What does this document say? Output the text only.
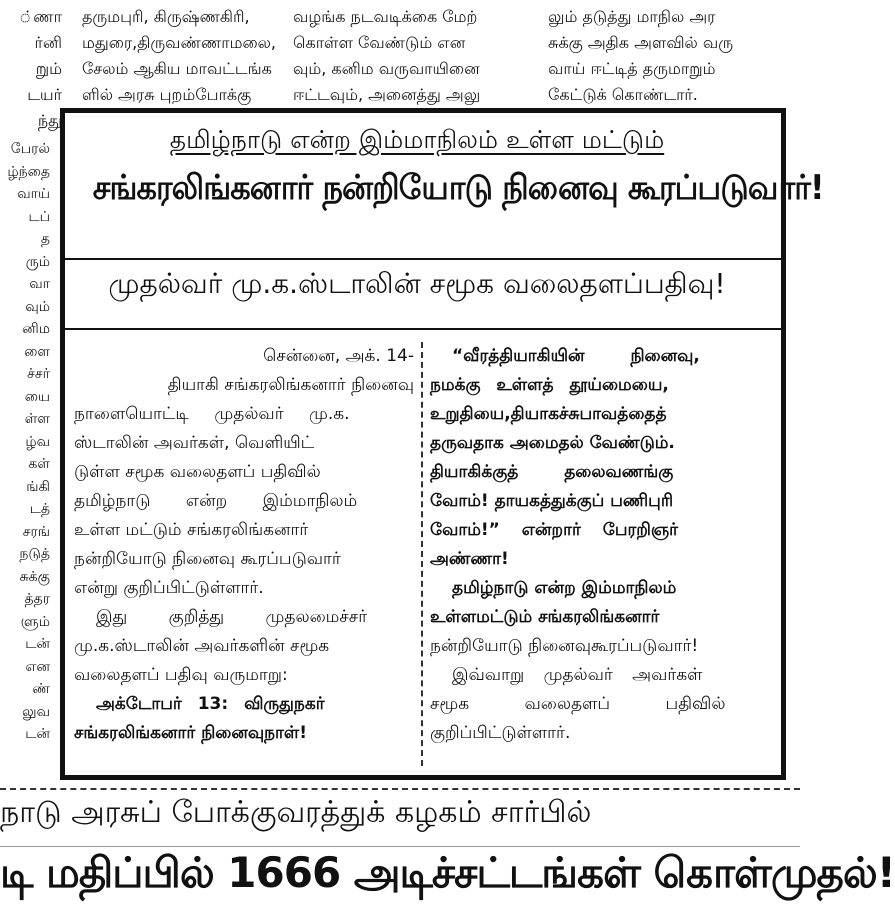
்ணா

ர்னி

றும்

டயர்

ந்து

தருமபுரி, கிருஷ்ணகிரி,

மதுரை,திருவண்ணாமலை,

சேலம் ஆகிய மாவட்டங்க

ளில் அரசு புறம்போக்கு

வழங்க நடவடிக்கை மேற்

கொள்ள வேண்டும் என

வும், கனிம வருவாயினை

ஈட்டவும், அனைத்து அலு

லும் தடுத்து மாநில அர

சுக்கு அதிக அளவில் வரு

வாய் ஈட்டித் தருமாறும்

கேட்டுக் கொண்டார்.

பேரல்

ழ்ந்தை

வாய்

டப்

த

ரும்

வா

வும்

னிம

ளை

ச்சர்

யை

ள்ள

ழ்வ

கள்

ங்கி

டத்

சரங்

நடுத்

சுக்கு

த்தர

ளும்

டன்

என

ண்

லுவ

டன்

தமிழ்நாடு என்ற இம்மாநிலம் உள்ள மட்டும்

சங்கரலிங்கனார் நன்றியோடு நினைவு கூரப்படுவார்!

முதல்வர் மு.க.ஸ்டாலின் சமூக வலைதளப்பதிவு!

சென்னை, அக். 14-

தியாகி சங்கரலிங்கனார் நினைவு

நாளையொட்டி முதல்வர் மு.க.

ஸ்டாலின் அவர்கள், வெளியிட்

டுள்ள சமூக வலைதளப் பதிவில்

தமிழ்நாடு என்ற இம்மாநிலம்

உள்ள மட்டும் சங்கரலிங்கனார்

நன்றியோடு நினைவு கூரப்படுவார்

என்று குறிப்பிட்டுள்ளார்.

இது குறித்து முதலமைச்சர்

மு.க.ஸ்டாலின் அவர்களின் சமூக

வலைதளப் பதிவு வருமாறு:

அக்டோபர் 13: விருதுநகர்

சங்கரலிங்கனார் நினைவுநாள்!

“வீரத்தியாகியின் நினைவு,

நமக்கு உள்ளத் தூய்மையை,

உறுதியை,தியாகச்சுபாவத்தைத்

தருவதாக அமைதல் வேண்டும்.

தியாகிக்குத் தலைவணங்கு

வோம்! தாயகத்துக்குப் பணிபுரி

வோம்!” என்றார் பேரறிஞர்

அண்ணா!

தமிழ்நாடு என்ற இம்மாநிலம்

உள்ளமட்டும் சங்கரலிங்கனார்

நன்றியோடு நினைவுகூரப்படுவார்!

இவ்வாறு முதல்வர் அவர்கள்

சமூக வலைதளப் பதிவில்

குறிப்பிட்டுள்ளார்.

நாடு அரசுப் போக்குவரத்துக் கழகம் சார்பில்

டி மதிப்பில் 1666 அடிச்சட்டங்கள் கொள்முதல்!
